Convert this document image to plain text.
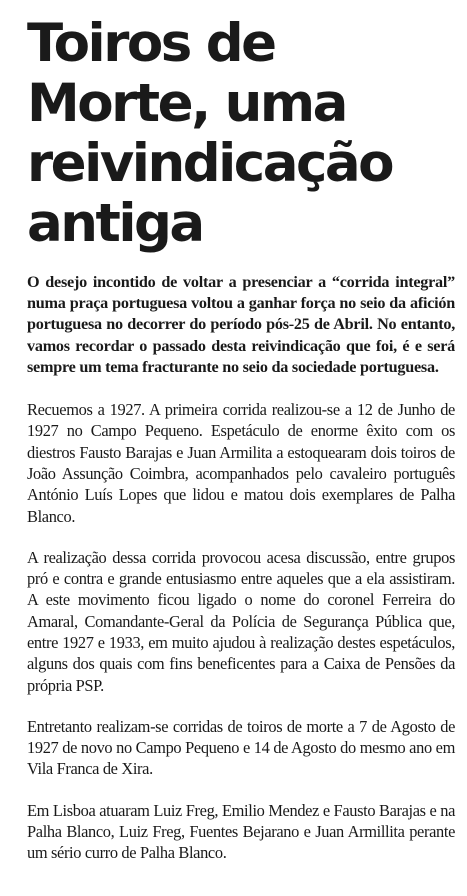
Toiros de
Morte, uma
reivindicação
antiga

O desejo incontido de voltar a presenciar a “corrida integral” numa praça portuguesa voltou a ganhar força no seio da afición portuguesa no decorrer do período pós-25 de Abril. No entanto, vamos recordar o passado desta reivindicação que foi, é e será sempre um tema fracturante no seio da sociedade portuguesa.

Recuemos a 1927. A primeira corrida realizou-se a 12 de Junho de 1927 no Campo Pequeno. Espetáculo de enorme êxito com os diestros Fausto Barajas e Juan Armilita a estoquearam dois toiros de João Assunção Coimbra, acompanhados pelo cavaleiro português António Luís Lopes que lidou e matou dois exemplares de Palha Blanco.

A realização dessa corrida provocou acesa discussão, entre grupos pró e contra e grande entusiasmo entre aqueles que a ela assistiram. A este movimento ficou ligado o nome do coronel Ferreira do Amaral, Comandante-Geral da Polícia de Segurança Pública que, entre 1927 e 1933, em muito ajudou à realização destes espetáculos, alguns dos quais com fins beneficentes para a Caixa de Pensões da própria PSP.

Entretanto realizam-se corridas de toiros de morte a 7 de Agosto de 1927 de novo no Campo Pequeno e 14 de Agosto do mesmo ano em Vila Franca de Xira.

Em Lisboa atuaram Luiz Freg, Emilio Mendez e Fausto Barajas e na Palha Blanco, Luiz Freg, Fuentes Bejarano e Juan Armillita perante um sério curro de Palha Blanco.
